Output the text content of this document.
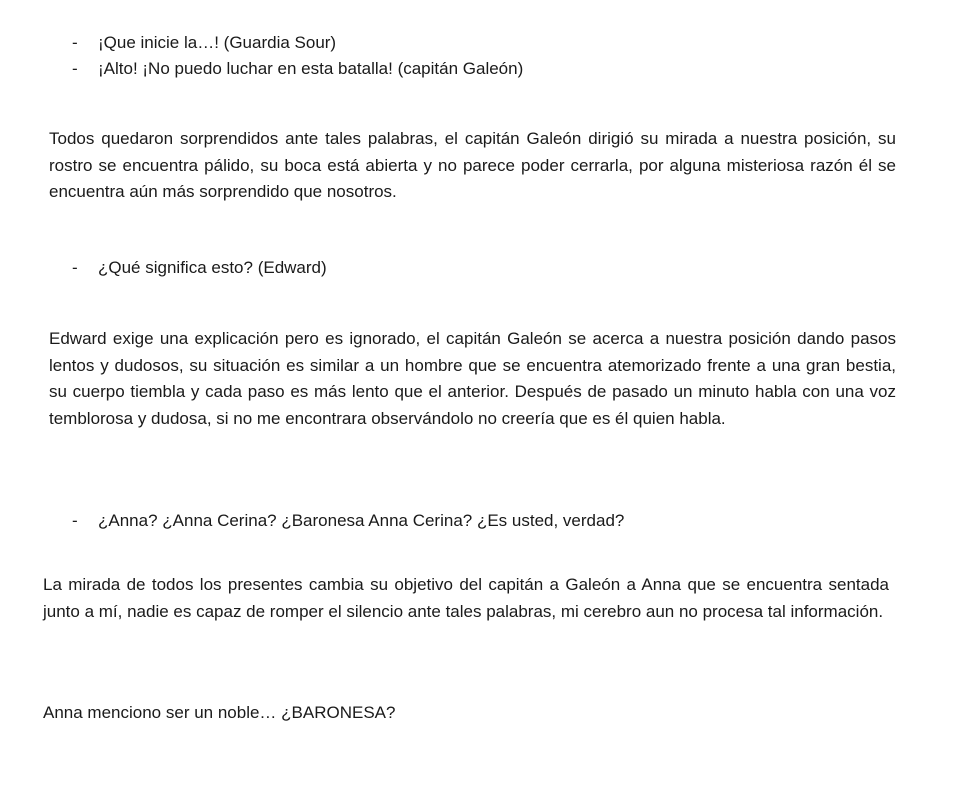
- ¡Que inicie la…! (Guardia Sour)
- ¡Alto! ¡No puedo luchar en esta batalla! (capitán Galeón)

Todos quedaron sorprendidos ante tales palabras, el capitán Galeón dirigió su mirada a nuestra posición, su rostro se encuentra pálido, su boca está abierta y no parece poder cerrarla, por alguna misteriosa razón él se encuentra aún más sorprendido que nosotros.

- ¿Qué significa esto? (Edward)

Edward exige una explicación pero es ignorado, el capitán Galeón se acerca a nuestra posición dando pasos lentos y dudosos, su situación es similar a un hombre que se encuentra atemorizado frente a una gran bestia, su cuerpo tiembla y cada paso es más lento que el anterior. Después de pasado un minuto habla con una voz temblorosa y dudosa, si no me encontrara observándolo no creería que es él quien habla.

- ¿Anna? ¿Anna Cerina? ¿Baronesa Anna Cerina? ¿Es usted, verdad?

La mirada de todos los presentes cambia su objetivo del capitán a Galeón a Anna que se encuentra sentada junto a mí, nadie es capaz de romper el silencio ante tales palabras, mi cerebro aun no procesa tal información.

Anna menciono ser un noble… ¿BARONESA?
